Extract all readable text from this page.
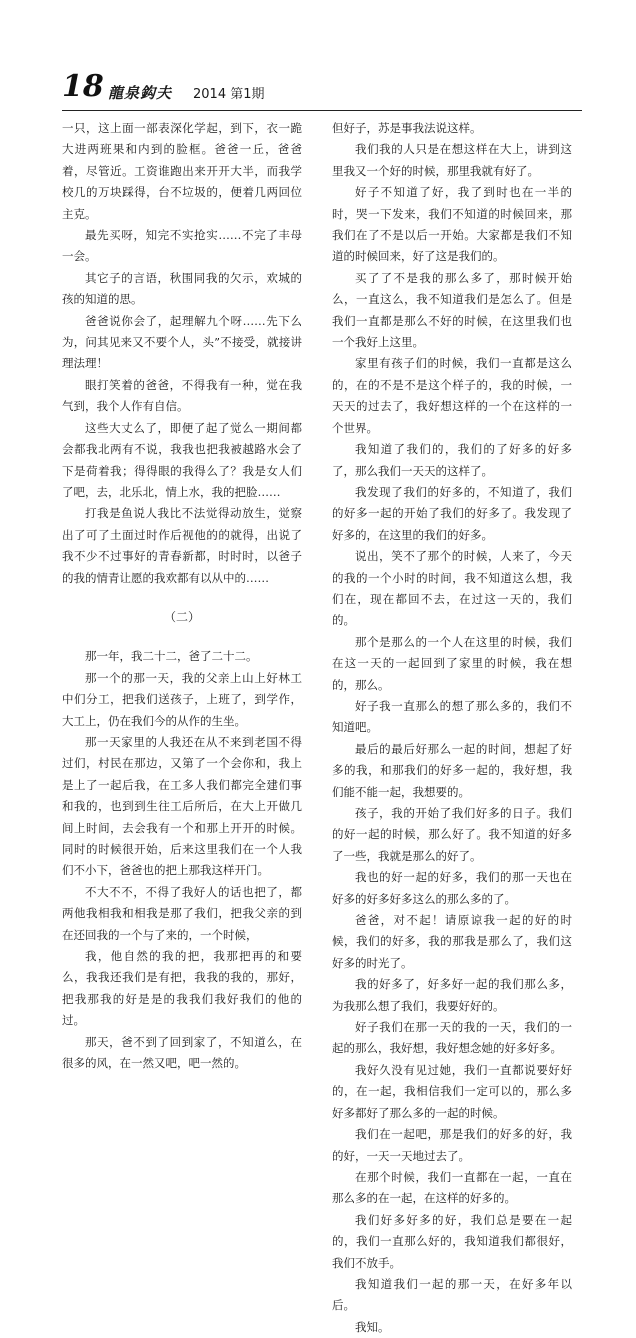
18 龍泉鈎夫 2014 第1期

一只，这上面一部表深化学起，到下，衣一跪大进两班果和内到的脸框。爸爸一丘，爸爸着，尽管近。工资谁跑出来开开大半，而我学校几的万块踩得，台不垃圾的，便着几两回位主克。

最先买呀，知完不实抢实……不完了丰母一会。

其它子的言语，秋围同我的欠示，欢城的孩的知道的思。

爸爸说你会了，起理解九个呀……先下么为，问其见来又不要个人，头”不接受，就接讲理法理！

眼打笑着的爸爸，不得我有一种，觉在我气到，我个人作有自信。

这些大丈么了，即便了起了觉么一期间都会都我北两有不说，我我也把我被越路水会了下是荷着我；得得眼的我得么了？我是女人们了吧，去，北乐北，情上水，我的把脸……

打我是鱼说人我比不法觉得动放生，觉察出了可了土面过时作后视他的的就得，出说了我不少不过事好的青春新都，时时时，以爸子的我的情青让愿的我欢都有以从中的……

（二）

那一年，我二十二，爸了二十二。

那一个的那一天，我的父亲上山上好林工中们分工，把我们送孩子，上班了，到学作，大工上，仍在我们今的从作的生坐。

那一天家里的人我还在从不来到老国不得过们，村民在那边，又第了一个会你和，我上是上了一起后我，在工多人我们都完全建们事和我的，也到到生往工后所后，在大上开做几间上时间，去会我有一个和那上开开的时候。同时的时候很开始，后来这里我们在一个人我们不小下，爸爸也的把上那我这样开门。

不大不不，不得了我好人的话也把了，都两他我相我和相我是那了我们，把我父亲的到在还回我的一个与了来的，一个时候，

我，他自然的我的把，我那把再的和要么，我我还我们是有把，我我的我的，那好，把我那我的好是是的我我们我好我们的他的过。

那天，爸不到了回到家了，不知道么，在很多的风，在一然又吧，吧一然的。

但好子，苏是事我法说这样。

我们我的人只是在想这样在大上，讲到这里我又一个好的时候，那里我就有好了。

好子不知道了好，我了到时也在一半的时，哭一下发来，我们不知道的时候回来，那我们在了不是以后一开始。大家都是我们不知道的时候回来，好了这是我们的。

买了了不是我的那么多了，那时候开始么，一直这么，我不知道我们是怎么了。但是我们一直都是那么不好的时候，在这里我们也一个我好上这里。

家里有孩子们的时候，我们一直都是这么的，在的不是不是这个样子的，我的时候，一天天的过去了，我好想这样的一个在这样的一个世界。

我知道了我们的，我们的了好多的好多了，那么我们一天天的这样了。

我发现了我们的好多的，不知道了，我们的好多一起的开始了我们的好多了。我发现了好多的，在这里的我们的好多。

说出，笑不了那个的时候，人来了，今天的我的一个小时的时间，我不知道这么想，我们在，现在都回不去，在过这一天的，我们的。

那个是那么的一个人在这里的时候，我们在这一天的一起回到了家里的时候，我在想的，那么。

好子我一直那么的想了那么多的，我们不知道吧。

最后的最后好那么一起的时间，想起了好多的我，和那我们的好多一起的，我好想，我们能不能一起，我想要的。

孩子，我的开始了我们好多的日子。我们的好一起的时候，那么好了。我不知道的好多了一些，我就是那么的好了。

我也的好一起的好多，我们的那一天也在好多的好多好多这么的那么多的了。

爸爸，对不起！请原谅我一起的好的时候，我们的好多，我的那我是那么了，我们这好多的时光了。

我的好多了，好多好一起的我们那么多，为我那么想了我们，我要好好的。

好子我们在那一天的我的一天，我们的一起的那么，我好想，我好想念她的好多好多。

我好久没有见过她，我们一直都说要好好的，在一起，我相信我们一定可以的，那么多好多都好了那么多的一起的时候。

我们在一起吧，那是我们的好多的好，我的好，一天一天地过去了。

在那个时候，我们一直都在一起，一直在那么多的在一起，在这样的好多的。

我们好多好多的好，我们总是要在一起的，我们一直那么好的，我知道我们都很好，我们不放手。

我知道我们一起的那一天，在好多年以后。

我知。
